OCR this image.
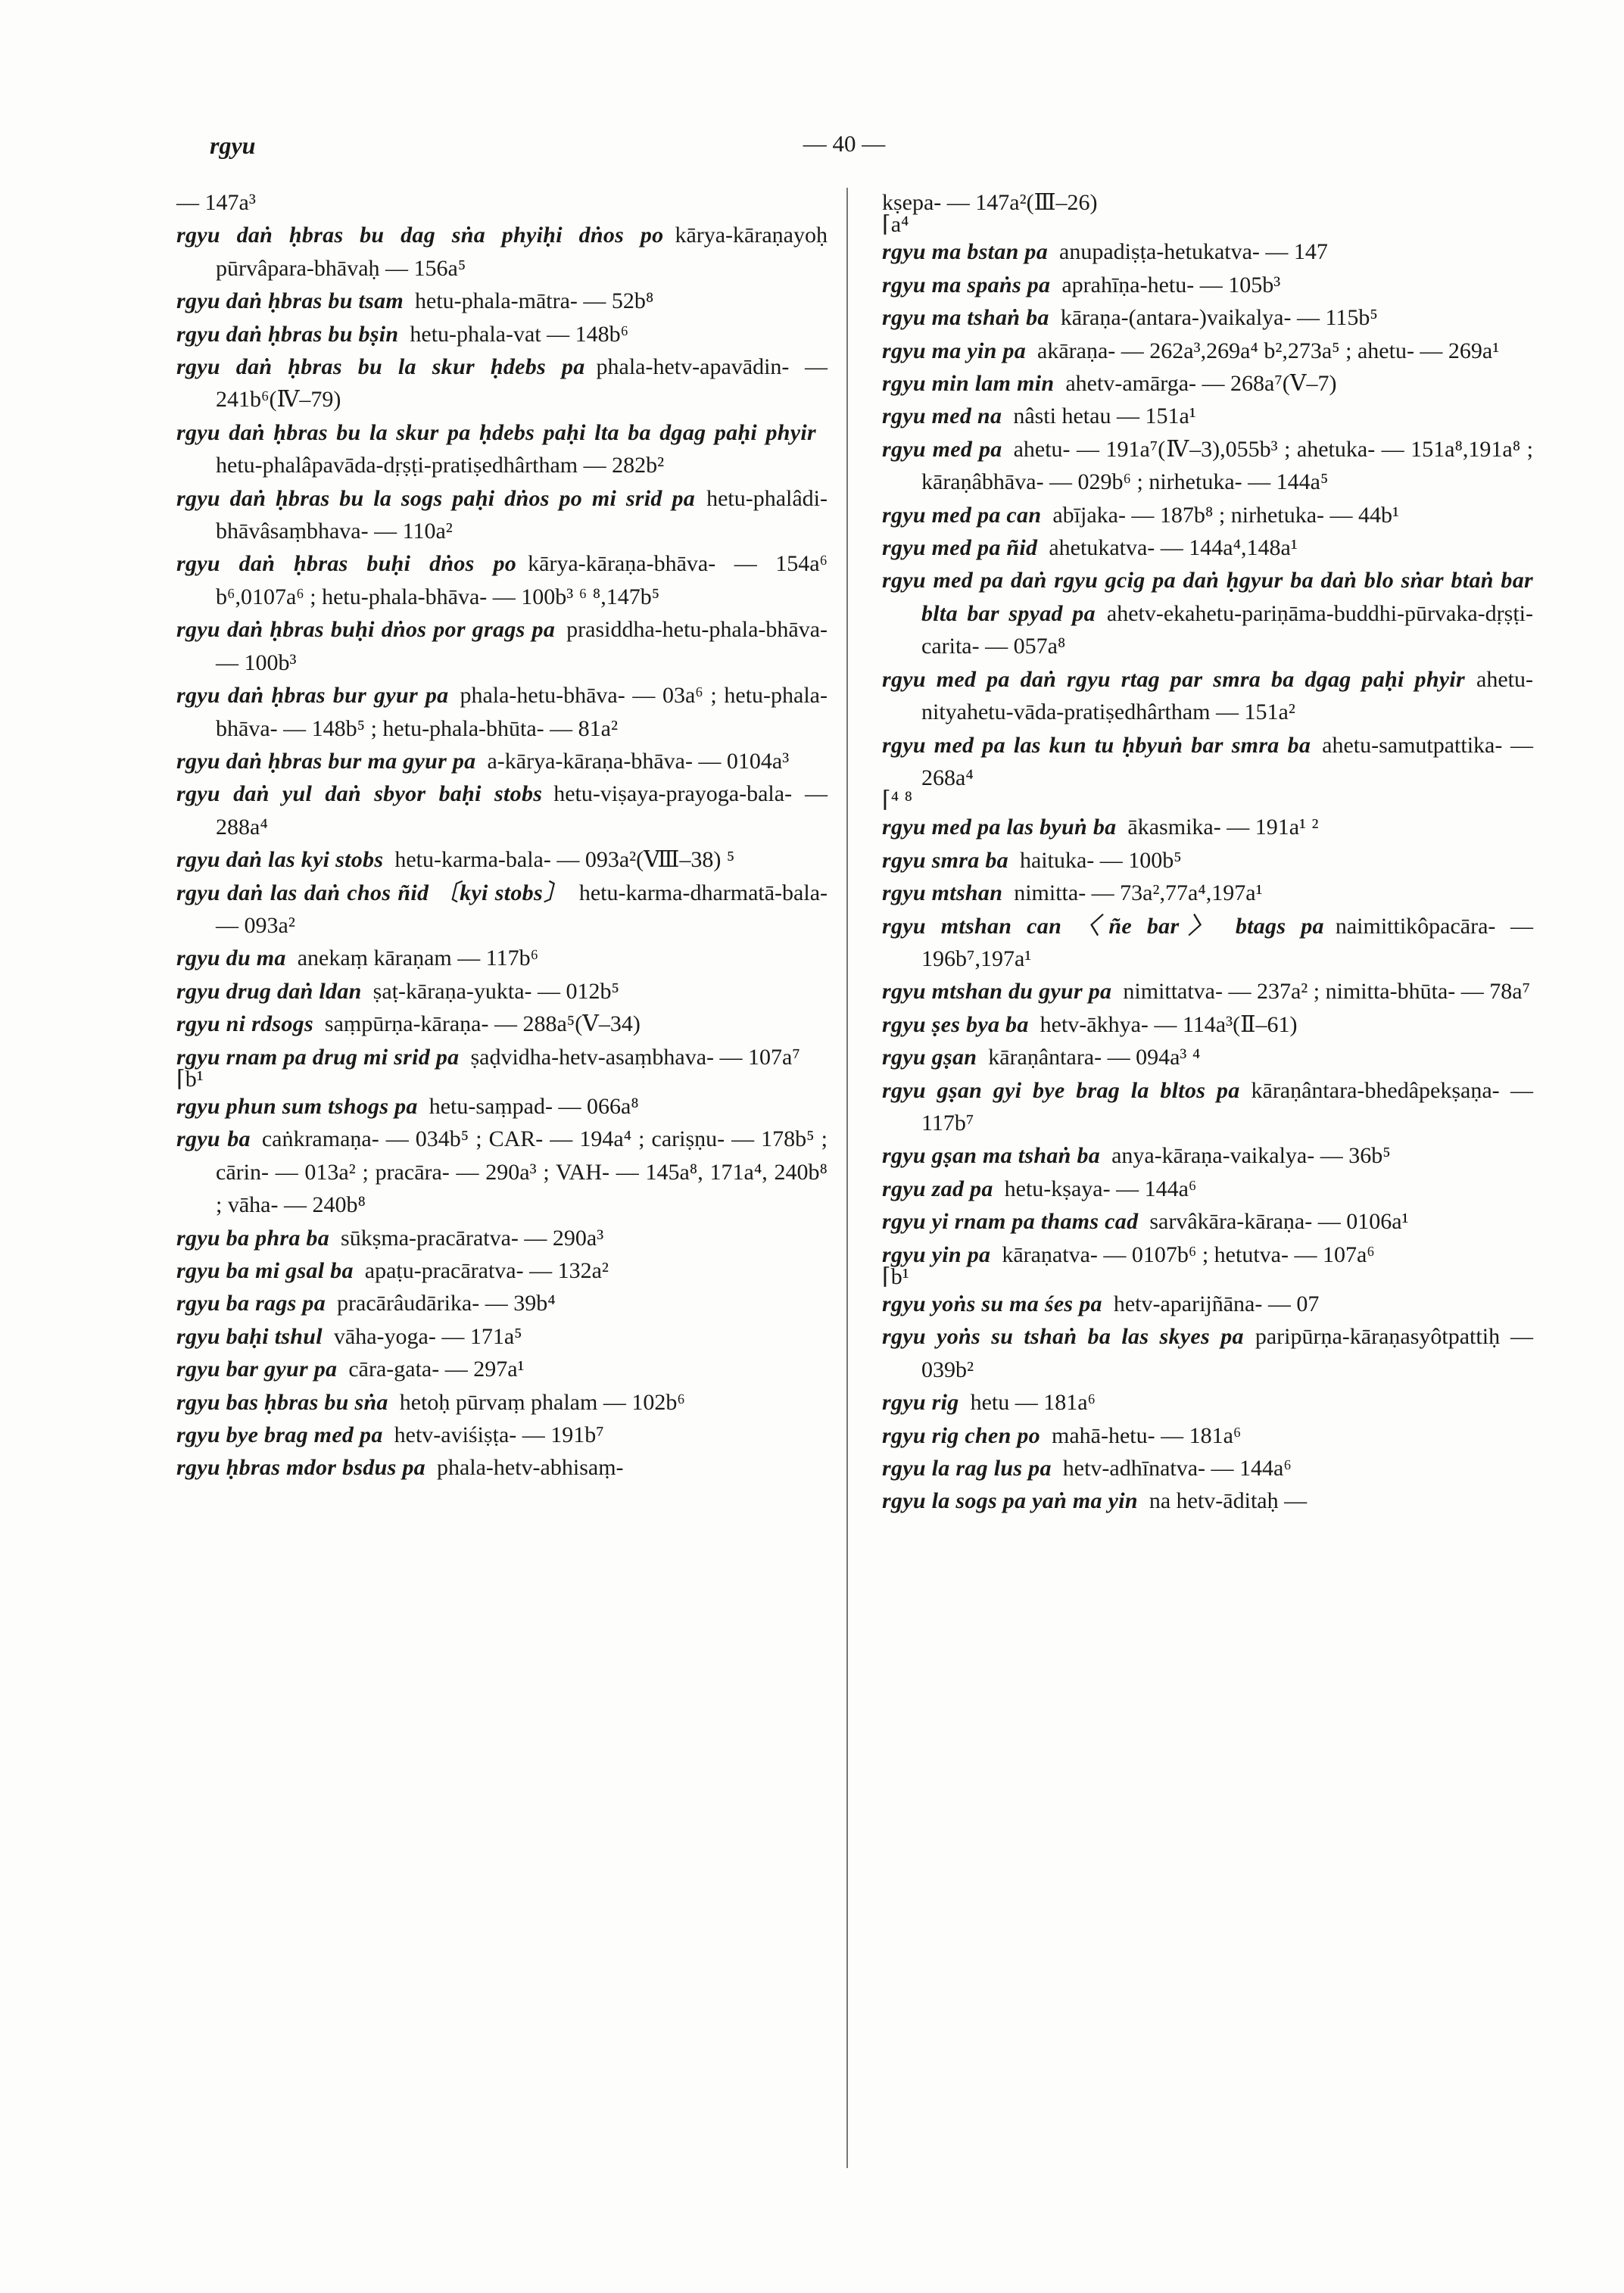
rgyu	— 40 —

— 147a³

rgyu daṅ ḥbras bu dag sṅa phyiḥi dṅos po  kārya-kāraṇayoḥ pūrvâpara-bhāvaḥ — 156a⁵

rgyu daṅ ḥbras bu tsam  hetu-phala-mātra- — 52b⁸

rgyu daṅ ḥbras bu bṣin  hetu-phala-vat — 148b⁶

rgyu daṅ ḥbras bu la skur ḥdebs pa  phala-hetv-apavādin- — 241b⁶(Ⅳ–79)

rgyu daṅ ḥbras bu la skur pa ḥdebs paḥi lta ba dgag paḥi phyir hetu-phalâpavāda-dṛṣṭi-pratiṣedhârtham — 282b²

rgyu daṅ ḥbras bu la sogs paḥi dṅos po mi srid pa  hetu-phalâdi-bhāvâsaṃbhava- — 110a²

rgyu daṅ ḥbras buḥi dṅos po  kārya-kāraṇa-bhāva- — 154a⁶ b⁶,0107a⁶ ; hetu-phala-bhāva- — 100b³ ⁶ ⁸,147b⁵

rgyu daṅ ḥbras buḥi dṅos por grags pa  prasiddha-hetu-phala-bhāva- — 100b³

rgyu daṅ ḥbras bur gyur pa  phala-hetu-bhāva- — 03a⁶ ; hetu-phala-bhāva- — 148b⁵ ; hetu-phala-bhūta- — 81a²

rgyu daṅ ḥbras bur ma gyur pa  a-kārya-kāraṇa-bhāva- — 0104a³

rgyu daṅ yul daṅ sbyor baḥi stobs  hetu-viṣaya-prayoga-bala- — 288a⁴

rgyu daṅ las kyi stobs  hetu-karma-bala- — 093a²(Ⅷ–38) ⁵

rgyu daṅ las daṅ chos ñid 〔kyi stobs〕  hetu-karma-dharmatā-bala- — 093a²

rgyu du ma  anekaṃ kāraṇam — 117b⁶

rgyu drug daṅ ldan  ṣaṭ-kāraṇa-yukta- — 012b⁵

rgyu ni rdsogs  saṃpūrṇa-kāraṇa- — 288a⁵(Ⅴ–34)

rgyu rnam pa drug mi srid pa  ṣaḍvidha-hetv-asaṃbhava- — 107a⁷
⌈b¹

rgyu phun sum tshogs pa  hetu-saṃpad- — 066a⁸

rgyu ba  caṅkramaṇa- — 034b⁵ ; CAR- — 194a⁴ ; cariṣṇu- — 178b⁵ ; cārin- — 013a² ; pracāra- — 290a³ ; VAH- — 145a⁸, 171a⁴, 240b⁸ ; vāha- — 240b⁸

rgyu ba phra ba  sūkṣma-pracāratva- — 290a³

rgyu ba mi gsal ba  apaṭu-pracāratva- — 132a²

rgyu ba rags pa  pracārâudārika- — 39b⁴

rgyu baḥi tshul  vāha-yoga- — 171a⁵

rgyu bar gyur pa  cāra-gata- — 297a¹

rgyu bas ḥbras bu sṅa  hetoḥ pūrvaṃ phalam — 102b⁶

rgyu bye brag med pa  hetv-aviśiṣṭa- — 191b⁷

rgyu ḥbras mdor bsdus pa  phala-hetv-abhisaṃ-

kṣepa- — 147a²(Ⅲ–26)
⌈a⁴

rgyu ma bstan pa  anupadiṣṭa-hetukatva- — 147

rgyu ma spaṅs pa  aprahīṇa-hetu- — 105b³

rgyu ma tshaṅ ba  kāraṇa-(antara-)vaikalya- — 115b⁵

rgyu ma yin pa  akāraṇa- — 262a³,269a⁴ b²,273a⁵ ; ahetu- — 269a¹

rgyu min lam min  ahetv-amārga- — 268a⁷(Ⅴ–7)

rgyu med na  nâsti hetau — 151a¹

rgyu med pa  ahetu- — 191a⁷(Ⅳ–3),055b³ ; ahetuka- — 151a⁸,191a⁸ ; kāraṇâbhāva- — 029b⁶ ; nirhetuka- — 144a⁵

rgyu med pa can  abījaka- — 187b⁸ ; nirhetuka- — 44b¹

rgyu med pa ñid  ahetukatva- — 144a⁴,148a¹

rgyu med pa daṅ rgyu gcig pa daṅ ḥgyur ba daṅ blo sṅar btaṅ bar blta bar spyad pa  ahetv-ekahetu-pariṇāma-buddhi-pūrvaka-dṛṣṭi-carita- — 057a⁸

rgyu med pa daṅ rgyu rtag par smra ba dgag paḥi phyir  ahetu-nityahetu-vāda-pratiṣedhârtham — 151a²

rgyu med pa las kun tu ḥbyuṅ bar smra ba  ahetu-samutpattika- — 268a⁴
⌈⁴ ⁸

rgyu med pa las byuṅ ba  ākasmika- — 191a¹ ²

rgyu smra ba  haituka- — 100b⁵

rgyu mtshan  nimitta- — 73a²,77a⁴,197a¹

rgyu mtshan can 〈ñe bar〉 btags pa  naimittikôpacāra- — 196b⁷,197a¹

rgyu mtshan du gyur pa  nimittatva- — 237a² ; nimitta-bhūta- — 78a⁷

rgyu ṣes bya ba  hetv-ākhya- — 114a³(Ⅱ–61)

rgyu gṣan  kāraṇântara- — 094a³ ⁴

rgyu gṣan gyi bye brag la bltos pa  kāraṇântara-bhedâpekṣaṇa- — 117b⁷

rgyu gṣan ma tshaṅ ba  anya-kāraṇa-vaikalya- — 36b⁵

rgyu zad pa  hetu-kṣaya- — 144a⁶

rgyu yi rnam pa thams cad  sarvâkāra-kāraṇa- — 0106a¹

rgyu yin pa  kāraṇatva- — 0107b⁶ ; hetutva- — 107a⁶
⌈b¹

rgyu yoṅs su ma śes pa  hetv-aparijñāna- — 07

rgyu yoṅs su tshaṅ ba las skyes pa  paripūrṇa-kāraṇasyôtpattiḥ — 039b²

rgyu rig  hetu — 181a⁶

rgyu rig chen po  mahā-hetu- — 181a⁶

rgyu la rag lus pa  hetv-adhīnatva- — 144a⁶

rgyu la sogs pa yaṅ ma yin  na hetv-āditaḥ —
